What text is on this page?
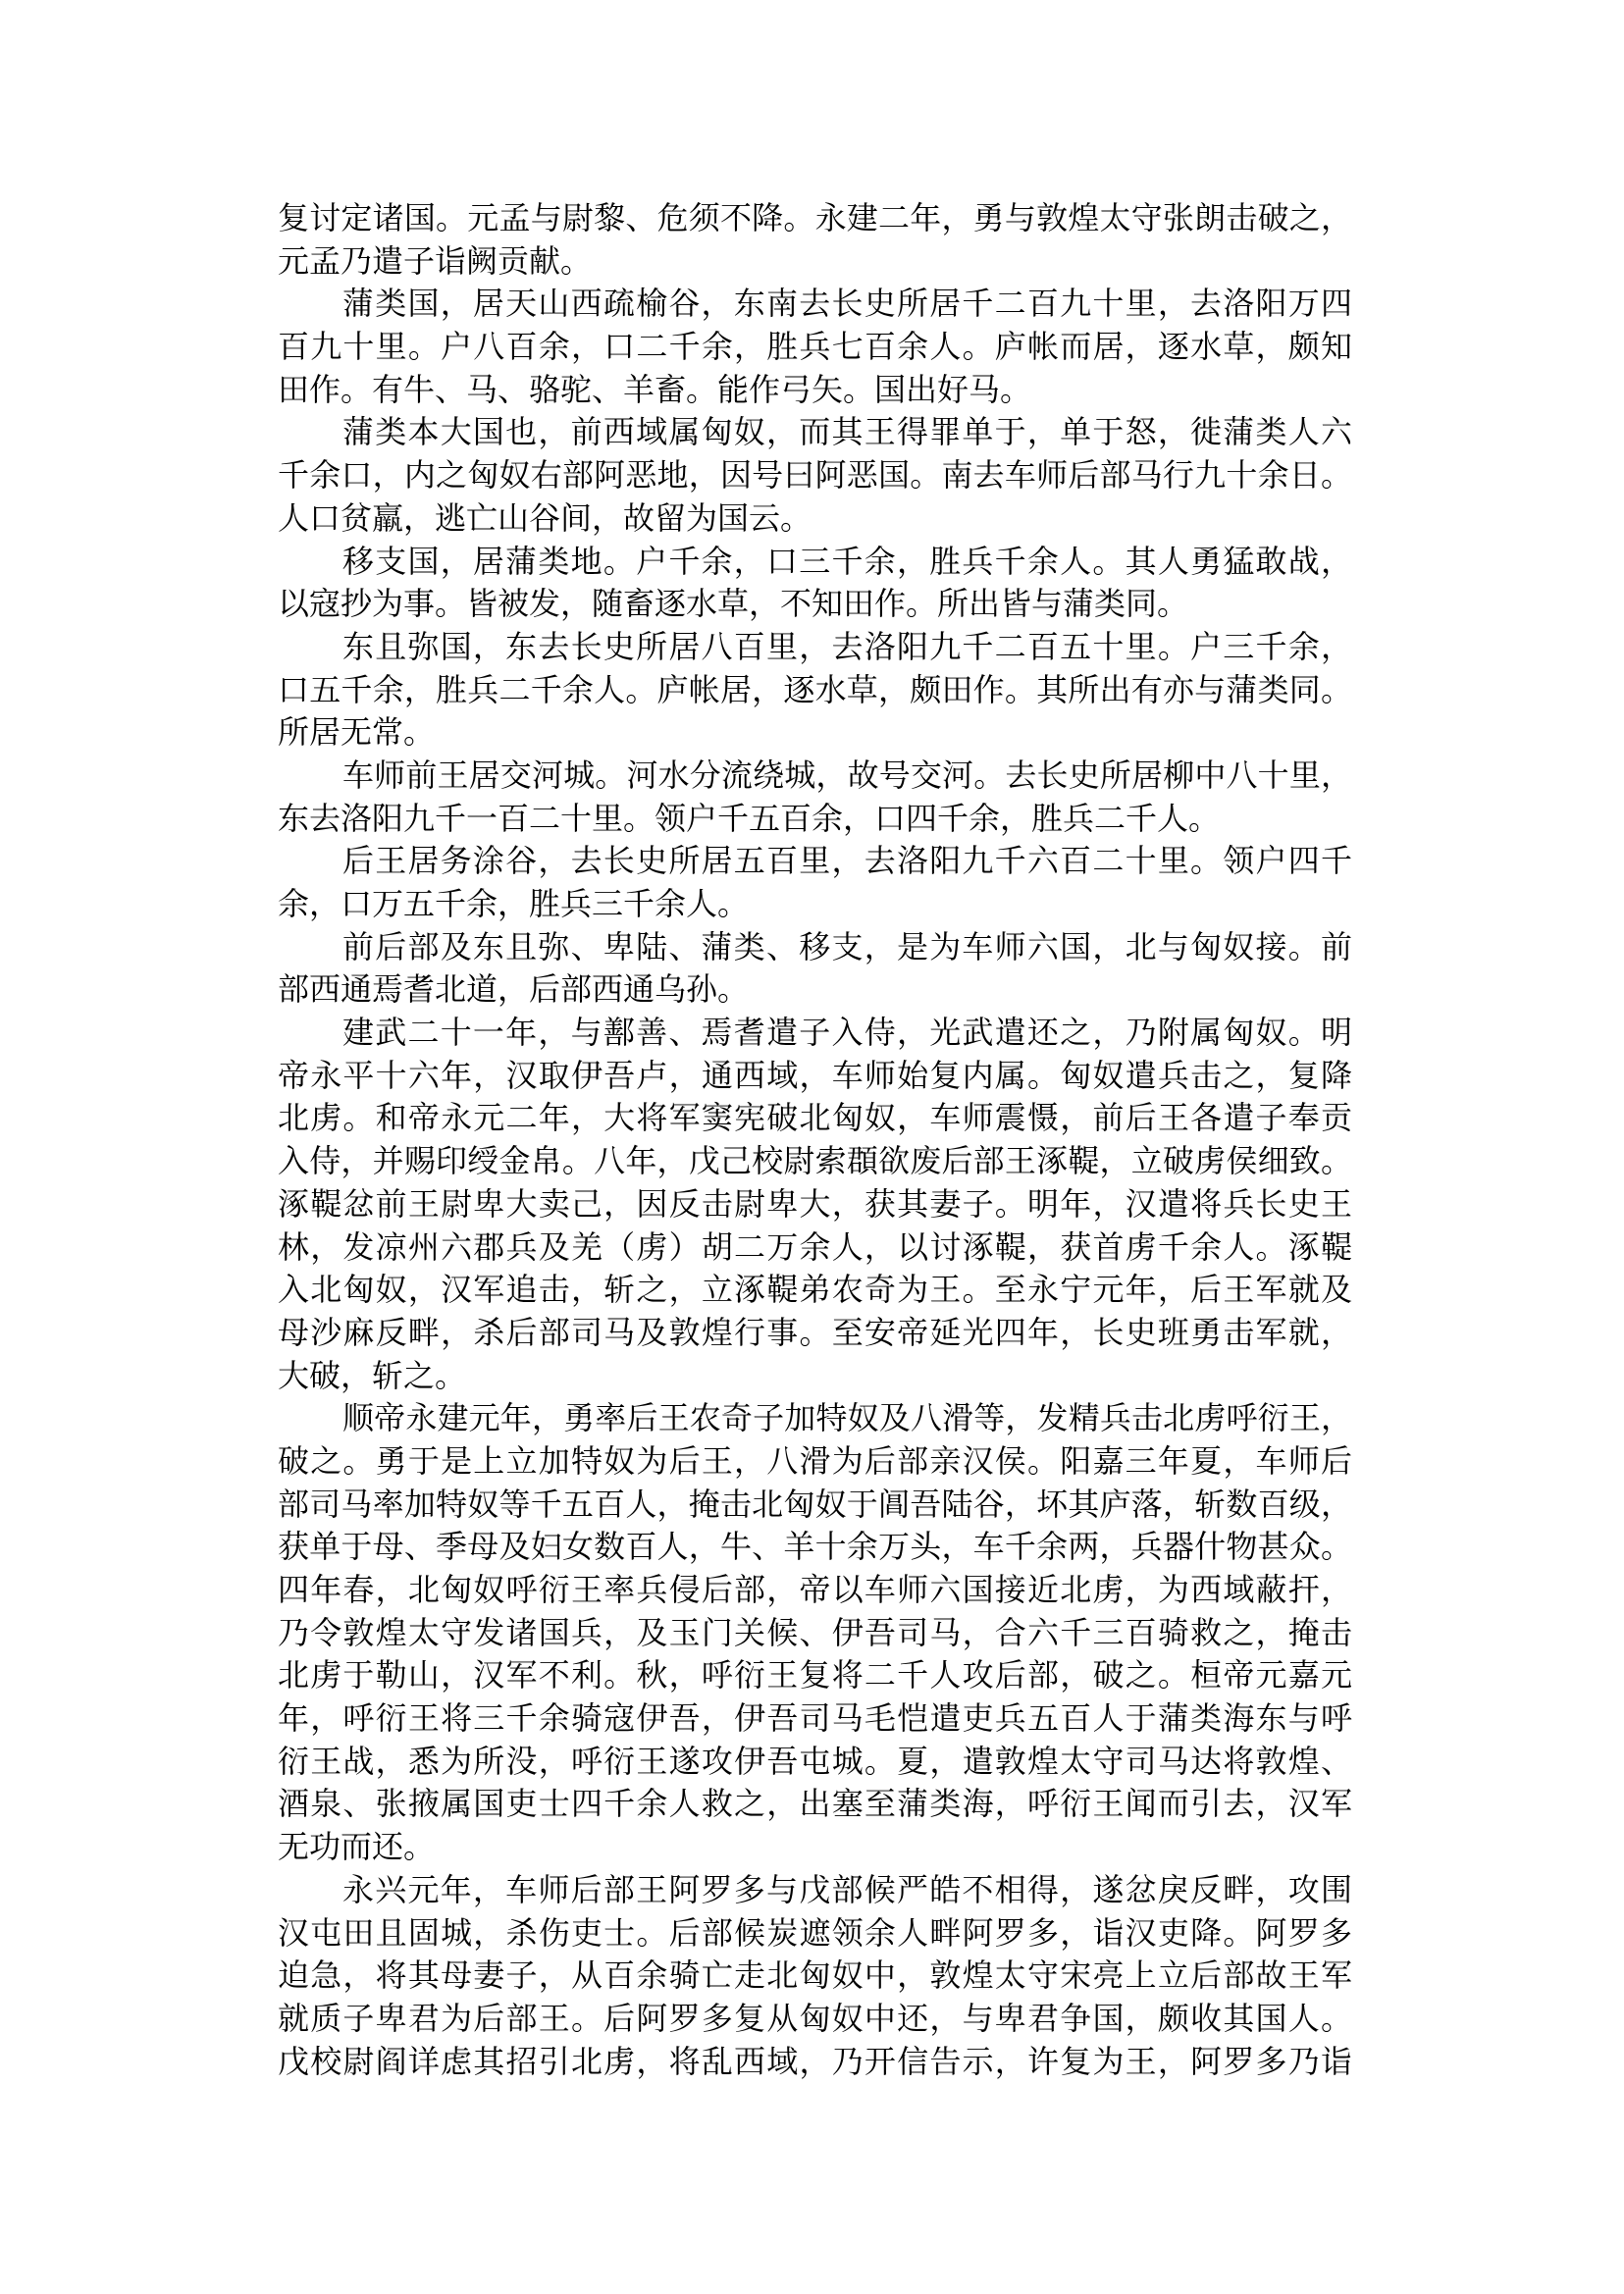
复讨定诸国。元孟与尉黎、危须不降。永建二年，勇与敦煌太守张朗击破之，
元孟乃遣子诣阙贡献。
蒲类国，居天山西疏榆谷，东南去长史所居千二百九十里，去洛阳万四
百九十里。户八百余，口二千余，胜兵七百余人。庐帐而居，逐水草，颇知
田作。有牛、马、骆驼、羊畜。能作弓矢。国出好马。
蒲类本大国也，前西域属匈奴，而其王得罪单于，单于怒，徙蒲类人六
千余口，内之匈奴右部阿恶地，因号曰阿恶国。南去车师后部马行九十余日。
人口贫羸，逃亡山谷间，故留为国云。
移支国，居蒲类地。户千余，口三千余，胜兵千余人。其人勇猛敢战，
以寇抄为事。皆被发，随畜逐水草，不知田作。所出皆与蒲类同。
东且弥国，东去长史所居八百里，去洛阳九千二百五十里。户三千余，
口五千余，胜兵二千余人。庐帐居，逐水草，颇田作。其所出有亦与蒲类同。
所居无常。
车师前王居交河城。河水分流绕城，故号交河。去长史所居柳中八十里，
东去洛阳九千一百二十里。领户千五百余，口四千余，胜兵二千人。
后王居务涂谷，去长史所居五百里，去洛阳九千六百二十里。领户四千
余，口万五千余，胜兵三千余人。
前后部及东且弥、卑陆、蒲类、移支，是为车师六国，北与匈奴接。前
部西通焉耆北道，后部西通乌孙。
建武二十一年，与鄯善、焉耆遣子入侍，光武遣还之，乃附属匈奴。明
帝永平十六年，汉取伊吾卢，通西域，车师始复内属。匈奴遣兵击之，复降
北虏。和帝永元二年，大将军窦宪破北匈奴，车师震慑，前后王各遣子奉贡
入侍，并赐印绶金帛。八年，戊己校尉索頵欲废后部王涿鞮，立破虏侯细致。
涿鞮忿前王尉卑大卖己，因反击尉卑大，获其妻子。明年，汉遣将兵长史王
林，发凉州六郡兵及羌（虏）胡二万余人，以讨涿鞮，获首虏千余人。涿鞮
入北匈奴，汉军追击，斩之，立涿鞮弟农奇为王。至永宁元年，后王军就及
母沙麻反畔，杀后部司马及敦煌行事。至安帝延光四年，长史班勇击军就，
大破，斩之。
顺帝永建元年，勇率后王农奇子加特奴及八滑等，发精兵击北虏呼衍王，
破之。勇于是上立加特奴为后王，八滑为后部亲汉侯。阳嘉三年夏，车师后
部司马率加特奴等千五百人，掩击北匈奴于阊吾陆谷，坏其庐落，斩数百级，
获单于母、季母及妇女数百人，牛、羊十余万头，车千余两，兵器什物甚众。
四年春，北匈奴呼衍王率兵侵后部，帝以车师六国接近北虏，为西域蔽扞，
乃令敦煌太守发诸国兵，及玉门关候、伊吾司马，合六千三百骑救之，掩击
北虏于勒山，汉军不利。秋，呼衍王复将二千人攻后部，破之。桓帝元嘉元
年，呼衍王将三千余骑寇伊吾，伊吾司马毛恺遣吏兵五百人于蒲类海东与呼
衍王战，悉为所没，呼衍王遂攻伊吾屯城。夏，遣敦煌太守司马达将敦煌、
酒泉、张掖属国吏士四千余人救之，出塞至蒲类海，呼衍王闻而引去，汉军
无功而还。
永兴元年，车师后部王阿罗多与戊部候严皓不相得，遂忿戾反畔，攻围
汉屯田且固城，杀伤吏士。后部候炭遮领余人畔阿罗多，诣汉吏降。阿罗多
迫急，将其母妻子，从百余骑亡走北匈奴中，敦煌太守宋亮上立后部故王军
就质子卑君为后部王。后阿罗多复从匈奴中还，与卑君争国，颇收其国人。
戊校尉阎详虑其招引北虏，将乱西域，乃开信告示，许复为王，阿罗多乃诣
